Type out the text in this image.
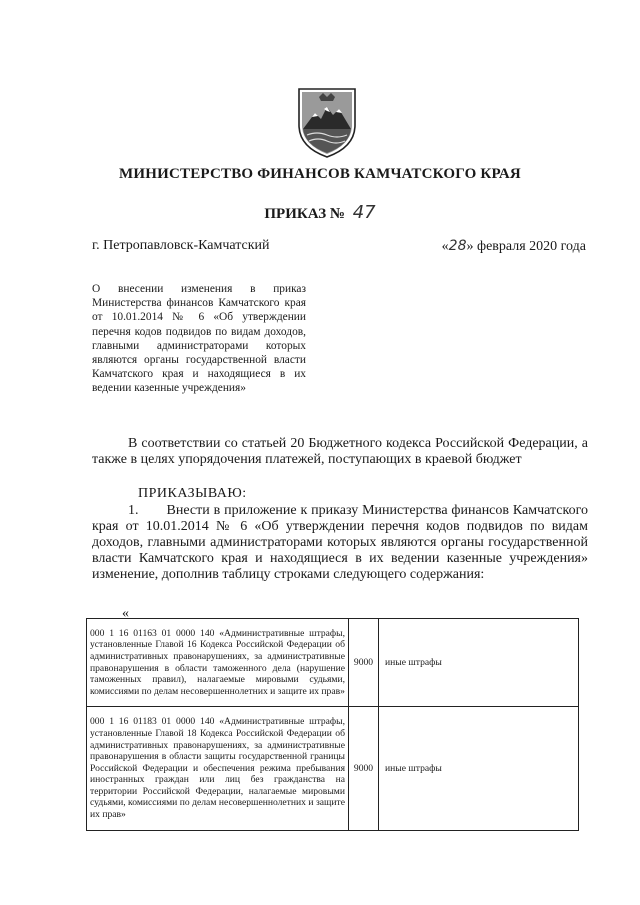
МИНИСТЕРСТВО ФИНАНСОВ КАМЧАТСКОГО КРАЯ
ПРИКАЗ № 47
г. Петропавловск-Камчатский	«28» февраля 2020 года
О внесении изменения в приказ Министерства финансов Камчатского края от 10.01.2014 № 6 «Об утверждении перечня кодов подвидов по видам доходов, главными администраторами которых являются органы государственной власти Камчатского края и находящиеся в их ведении казенные учреждения»

В соответствии со статьей 20 Бюджетного кодекса Российской Федерации, а также в целях упорядочения платежей, поступающих в краевой бюджет

ПРИКАЗЫВАЮ:

1. Внести в приложение к приказу Министерства финансов Камчатского края от 10.01.2014 № 6 «Об утверждении перечня кодов подвидов по видам доходов, главными администраторами которых являются органы государственной власти Камчатского края и находящиеся в их ведении казенные учреждения» изменение, дополнив таблицу строками следующего содержания:

«
000 1 16 01163 01 0000 140 «Административные штрафы, установленные Главой 16 Кодекса Российской Федерации об административных правонарушениях, за административные правонарушения в области таможенного дела (нарушение таможенных правил), налагаемые мировыми судьями, комиссиями по делам несовершеннолетних и защите их прав»	9000	иные штрафы
000 1 16 01183 01 0000 140 «Административные штрафы, установленные Главой 18 Кодекса Российской Федерации об административных правонарушениях, за административные правонарушения в области защиты государственной границы Российской Федерации и обеспечения режима пребывания иностранных граждан или лиц без гражданства на территории Российской Федерации, налагаемые мировыми судьями, комиссиями по делам несовершеннолетних и защите их прав»	9000	иные штрафы
